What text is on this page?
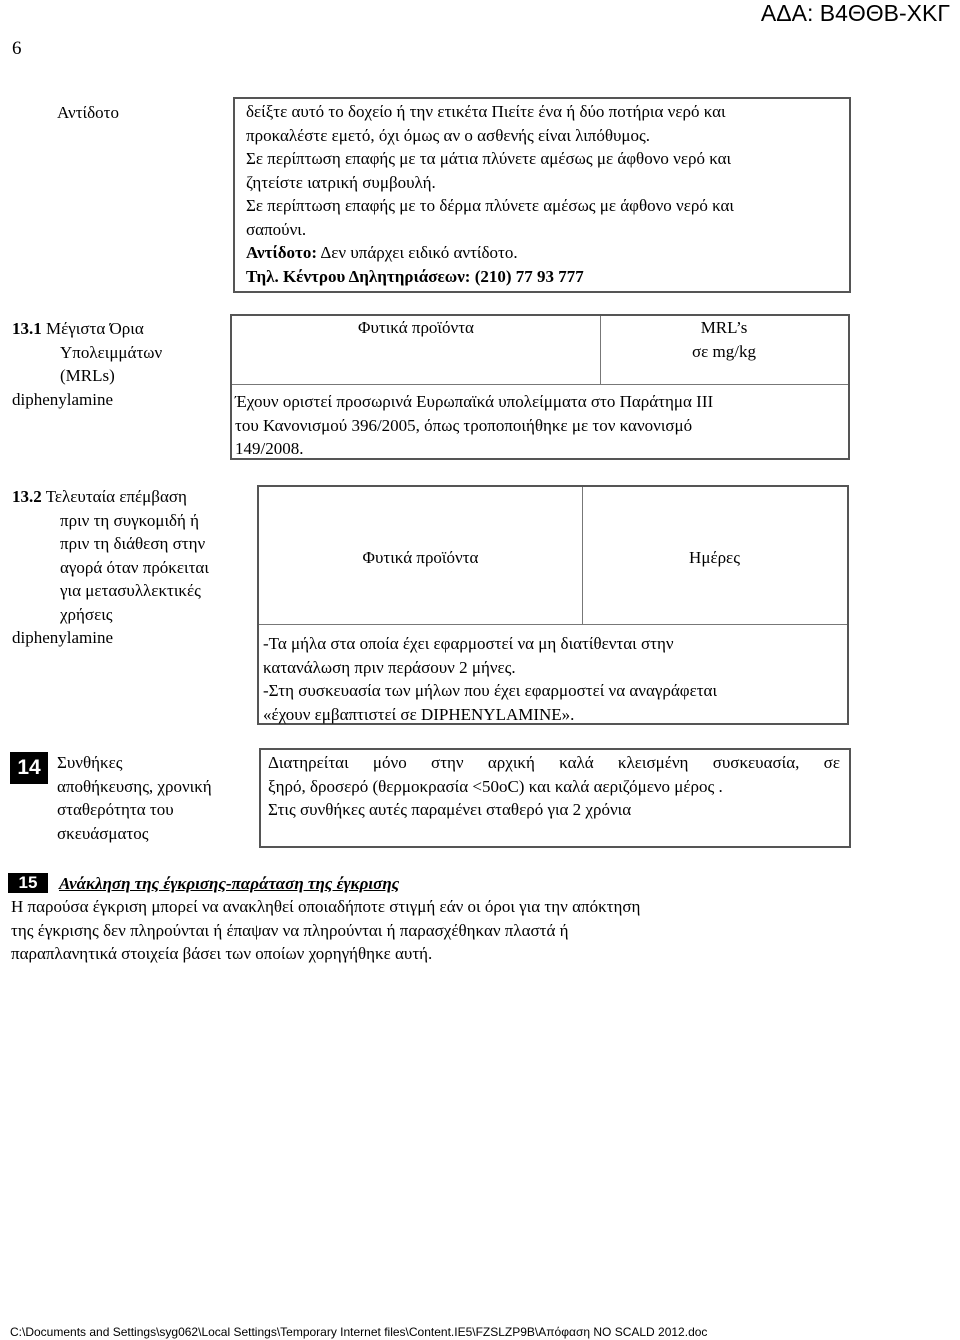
6
ΑΔΑ: Β4ΘΘΒ-ΧΚΓ
Αντίδοτο	δείξτε αυτό το δοχείο ή την ετικέτα Πιείτε ένα ή δύο ποτήρια νερό και
προκαλέστε εμετό, όχι όμως αν ο ασθενής είναι λιπόθυμος.
Σε περίπτωση επαφής με τα μάτια πλύνετε αμέσως με άφθονο νερό και
ζητείστε ιατρική συμβουλή.
Σε περίπτωση επαφής με το δέρμα πλύνετε αμέσως με άφθονο νερό και
σαπούνι.
Αντίδοτο: Δεν υπάρχει ειδικό αντίδοτο.
Τηλ. Κέντρου Δηλητηριάσεων: (210) 77 93 777
13.1 Μέγιστα Όρια
Υπολειμμάτων
(MRLs)
diphenylamine
Φυτικά προϊόντα	MRL’s
σε mg/kg
Έχουν οριστεί προσωρινά Ευρωπαϊκά υπολείμματα στο Παράτημα ΙΙΙ
του Κανονισμού 396/2005, όπως τροποποιήθηκε με τον κανονισμό
149/2008.
13.2 Τελευταία επέμβαση
πριν τη συγκομιδή ή
πριν τη διάθεση στην
αγορά όταν πρόκειται
για μετασυλλεκτικές
χρήσεις
diphenylamine
Φυτικά προϊόντα	Ημέρες
-Τα μήλα στα οποία έχει εφαρμοστεί να μη διατίθενται στην
κατανάλωση πριν περάσουν 2 μήνες.
-Στη συσκευασία των μήλων που έχει εφαρμοστεί να αναγράφεται
«έχουν εμβαπτιστεί σε DIPHENYLAMINE».
14 Συνθήκες
αποθήκευσης, χρονική
σταθερότητα του
σκευάσματος
Διατηρείται μόνο στην αρχική καλά κλεισμένη συσκευασία, σε
ξηρό, δροσερό (θερμοκρασία <50oC) και καλά αεριζόμενο μέρος .
Στις συνθήκες αυτές παραμένει σταθερό για 2 χρόνια
15	Ανάκληση της έγκρισης-παράταση της έγκρισης
Η παρούσα έγκριση μπορεί να ανακληθεί οποιαδήποτε στιγμή εάν οι όροι για την απόκτηση
της έγκρισης δεν πληρούνται ή έπαψαν να πληρούνται ή παρασχέθηκαν πλαστά ή
παραπλανητικά στοιχεία βάσει των οποίων χορηγήθηκε αυτή.
C:\Documents and Settings\syg062\Local Settings\Temporary Internet files\Content.IE5\FZSLZP9B\Απόφαση NO SCALD 2012.doc
